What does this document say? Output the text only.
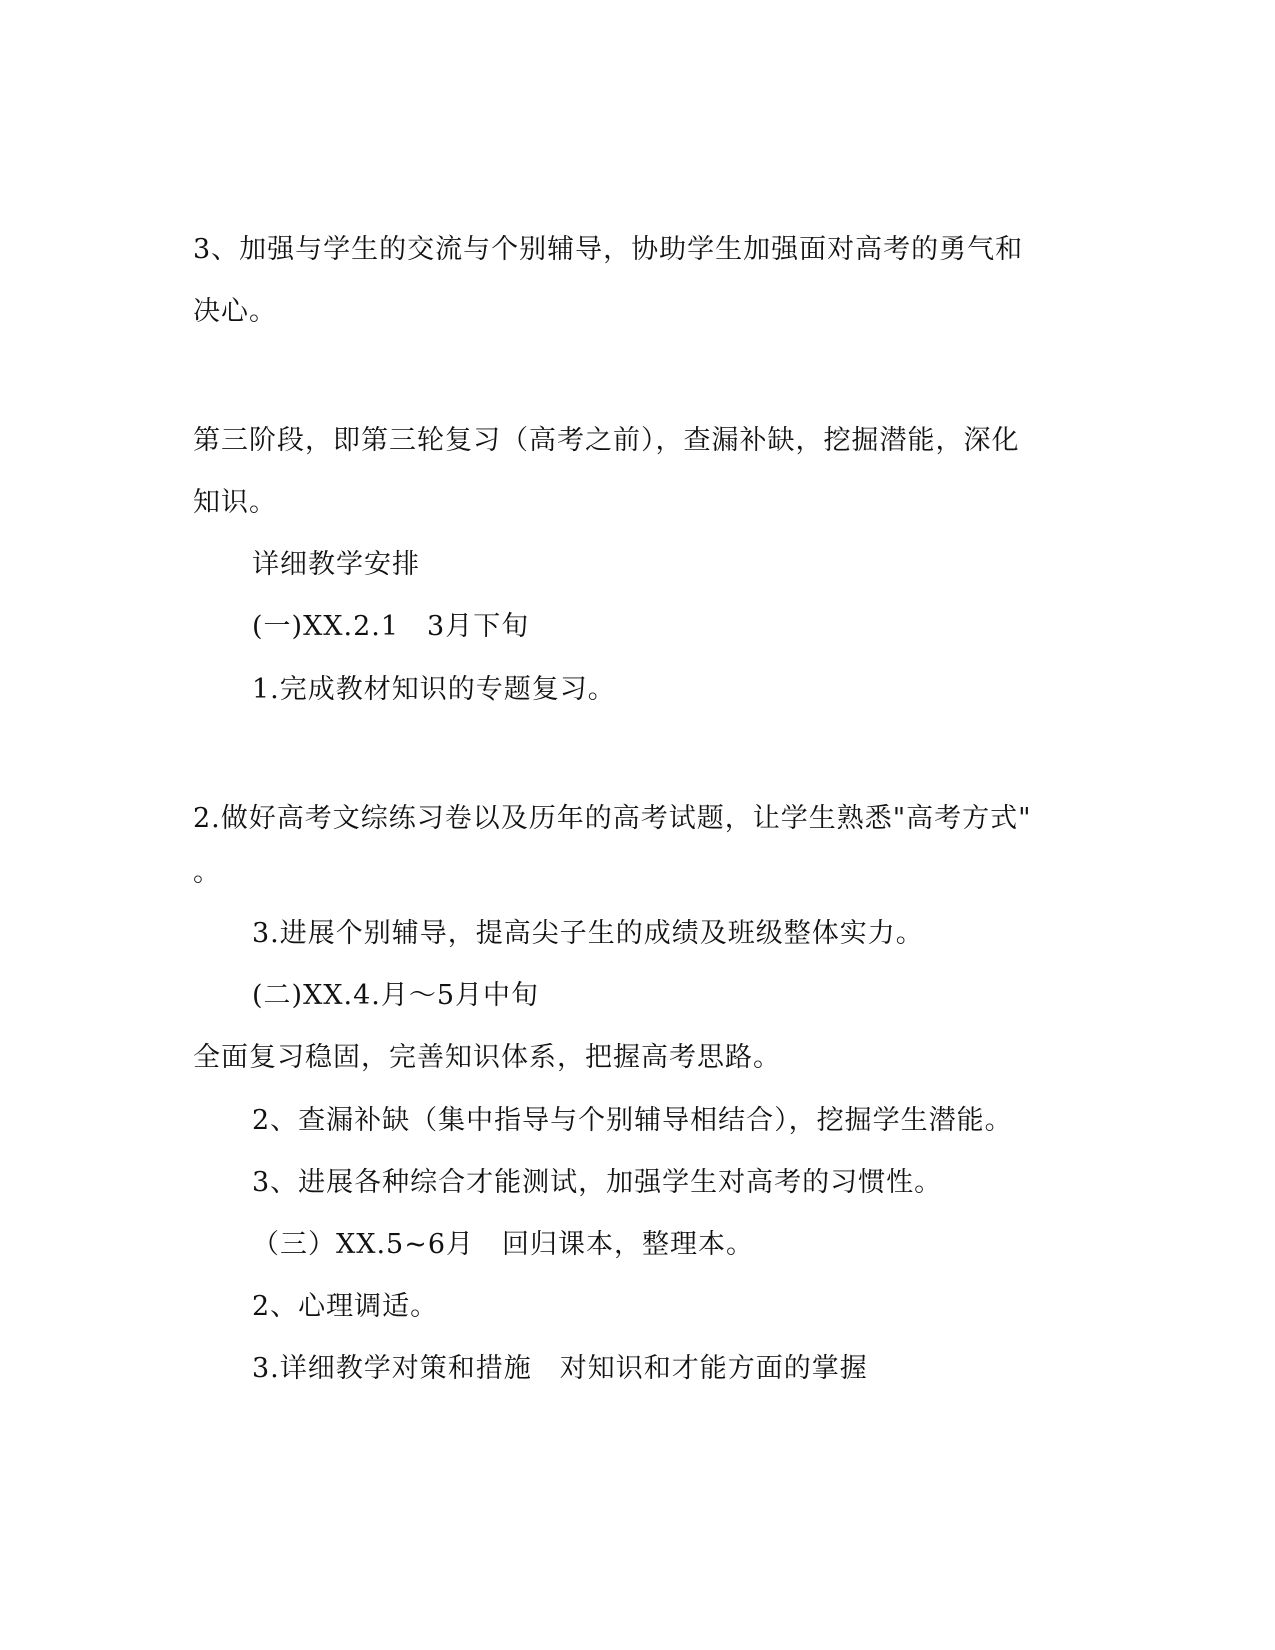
3、加强与学生的交流与个别辅导，协助学生加强面对高考的勇气和
决心。
第三阶段，即第三轮复习（高考之前），查漏补缺，挖掘潜能，深化
知识。
详细教学安排
(一)XX.2.1　3月下旬
1.完成教材知识的专题复习。
2.做好高考文综练习卷以及历年的高考试题，让学生熟悉"高考方式"
。
3.进展个别辅导，提高尖子生的成绩及班级整体实力。
(二)XX.4.月～5月中旬
全面复习稳固，完善知识体系，把握高考思路。
2、查漏补缺（集中指导与个别辅导相结合），挖掘学生潜能。
3、进展各种综合才能测试，加强学生对高考的习惯性。
（三）XX.5~6月　回归课本，整理本。
2、心理调适。
3.详细教学对策和措施　对知识和才能方面的掌握
